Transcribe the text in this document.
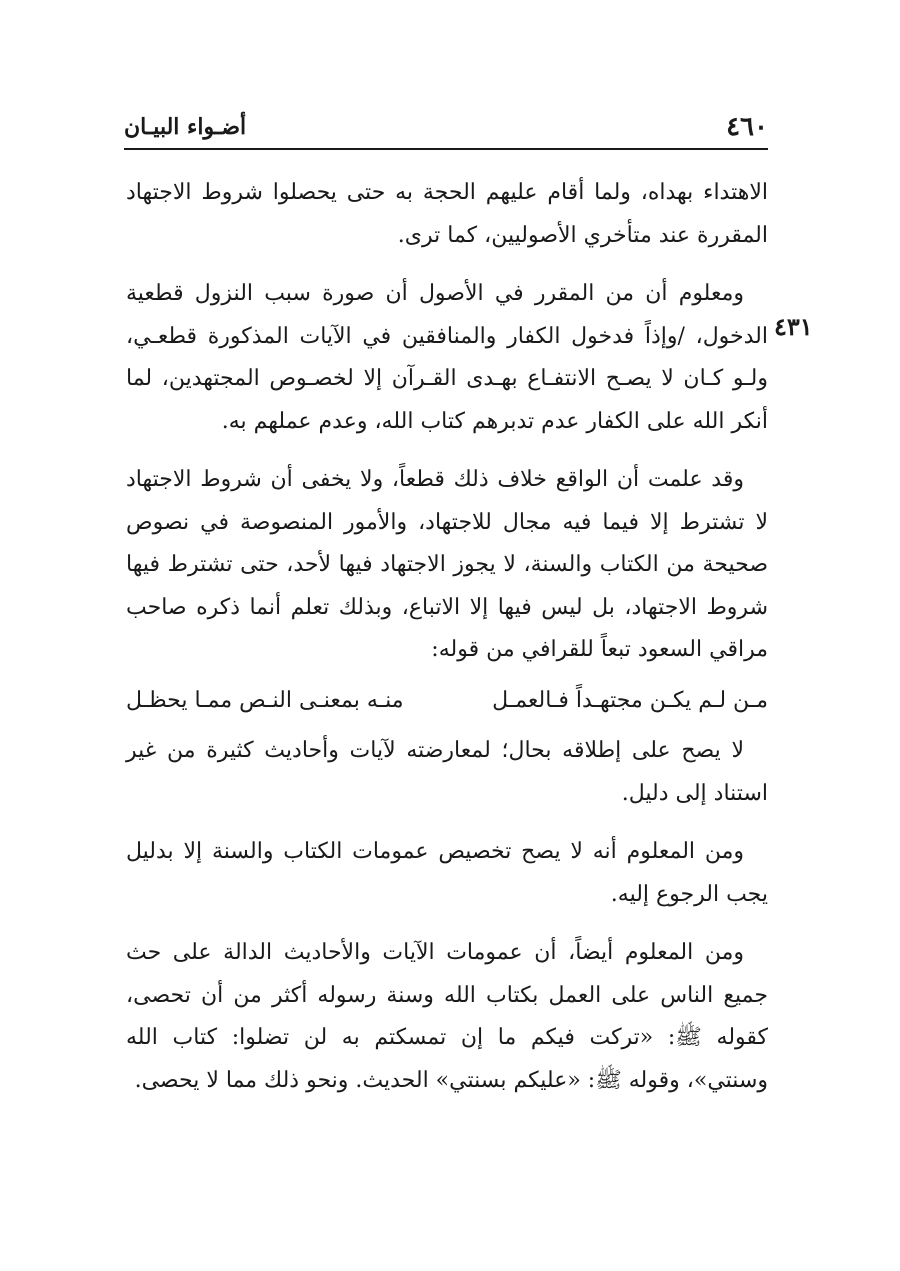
٤٦٠
أضـواء البيـان
٤٣١

الاهتداء بهداه، ولما أقام عليهم الحجة به حتى يحصلوا شروط الاجتهاد المقررة عند متأخري الأصوليين، كما ترى.

ومعلوم أن من المقرر في الأصول أن صورة سبب النزول قطعية الدخول، /وإذاً فدخول الكفار والمنافقين في الآيات المذكورة قطعـي، ولـو كـان لا يصـح الانتفـاع بهـدى القـرآن إلا لخصـوص المجتهدين، لما أنكر الله على الكفار عدم تدبرهم كتاب الله، وعدم عملهم به.

وقد علمت أن الواقع خلاف ذلك قطعاً، ولا يخفى أن شروط الاجتهاد لا تشترط إلا فيما فيه مجال للاجتهاد، والأمور المنصوصة في نصوص صحيحة من الكتاب والسنة، لا يجوز الاجتهاد فيها لأحد، حتى تشترط فيها شروط الاجتهاد، بل ليس فيها إلا الاتباع، وبذلك تعلم أنما ذكره صاحب مراقي السعود تبعاً للقرافي من قوله:

مـن لـم يكـن مجتهـداً فـالعمـل
منـه بمعنـى النـص ممـا يحظـل

لا يصح على إطلاقه بحال؛ لمعارضته لآيات وأحاديث كثيرة من غير استناد إلى دليل.

ومن المعلوم أنه لا يصح تخصيص عمومات الكتاب والسنة إلا بدليل يجب الرجوع إليه.

ومن المعلوم أيضاً، أن عمومات الآيات والأحاديث الدالة على حث جميع الناس على العمل بكتاب الله وسنة رسوله أكثر من أن تحصى، كقوله ﷺ: «تركت فيكم ما إن تمسكتم به لن تضلوا: كتاب الله وسنتي»، وقوله ﷺ: «عليكم بسنتي» الحديث. ونحو ذلك مما لا يحصى.
